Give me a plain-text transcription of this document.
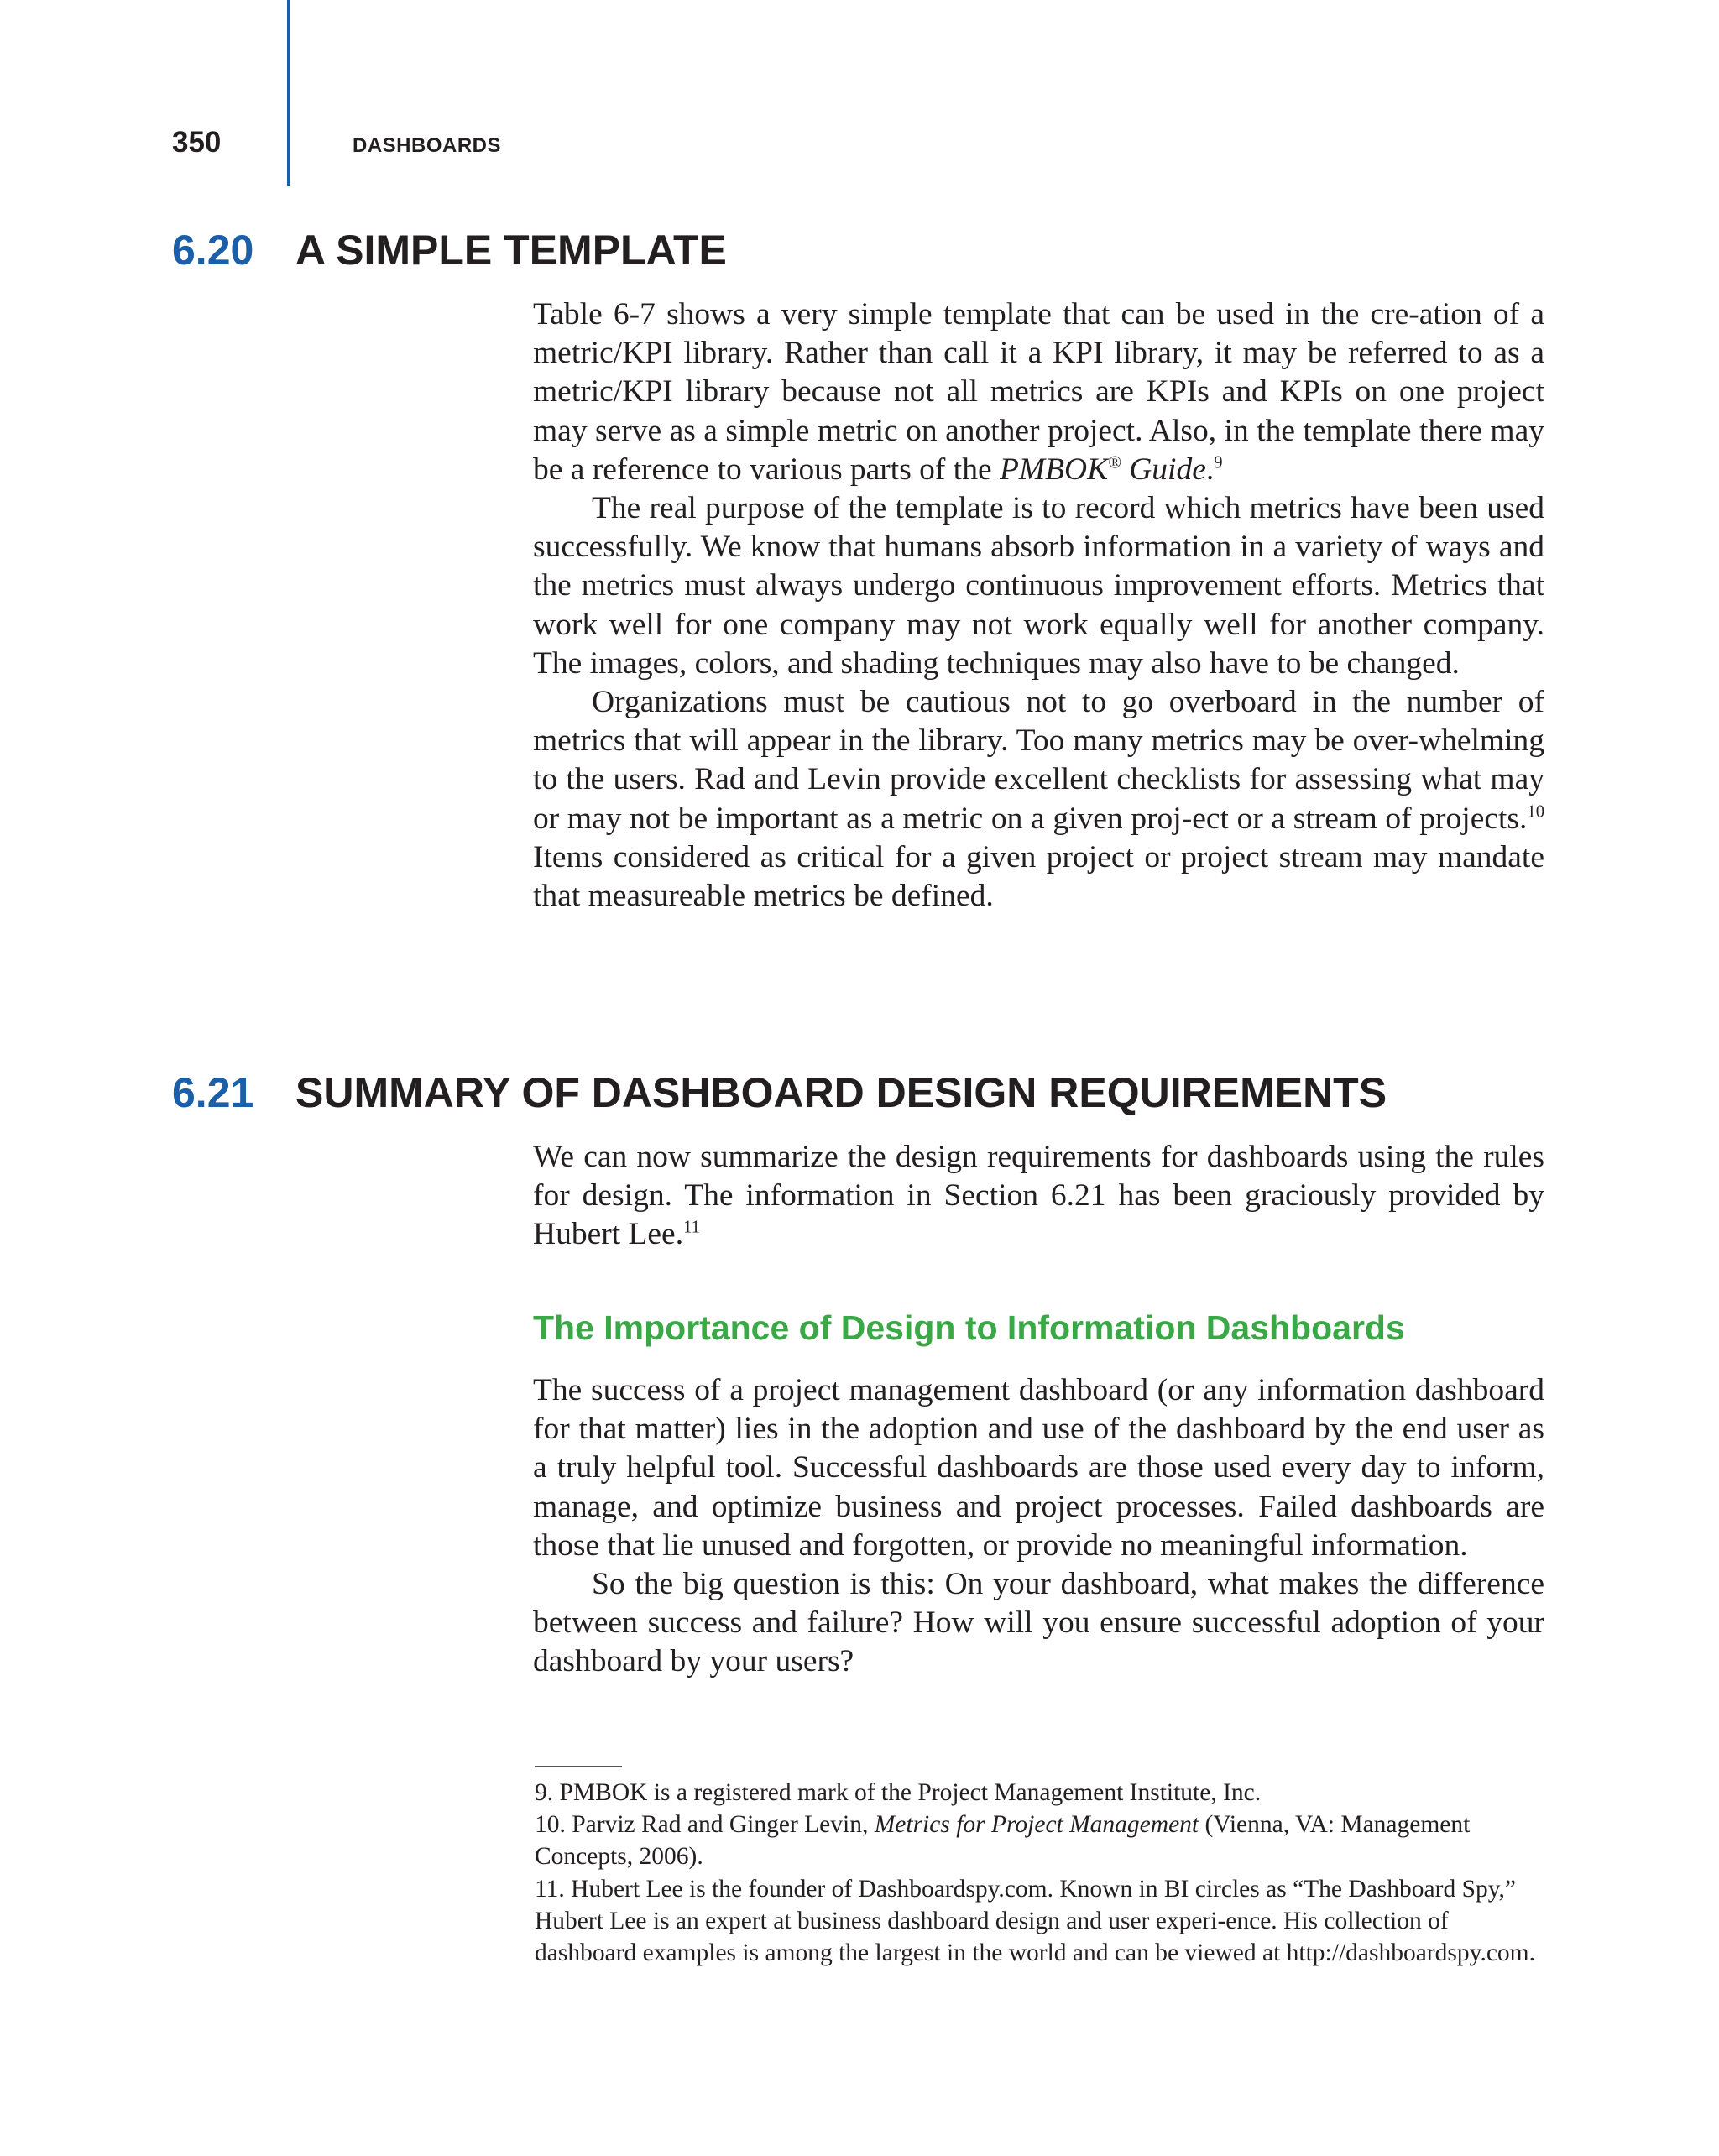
350	DASHBOARDS

6.20 A SIMPLE TEMPLATE

Table 6-7 shows a very simple template that can be used in the cre-ation of a metric/KPI library. Rather than call it a KPI library, it may be referred to as a metric/KPI library because not all metrics are KPIs and KPIs on one project may serve as a simple metric on another project. Also, in the template there may be a reference to various parts of the PMBOK® Guide.$^9$

The real purpose of the template is to record which metrics have been used successfully. We know that humans absorb information in a variety of ways and the metrics must always undergo continuous improvement efforts. Metrics that work well for one company may not work equally well for another company. The images, colors, and shading techniques may also have to be changed.

Organizations must be cautious not to go overboard in the number of metrics that will appear in the library. Too many metrics may be over-whelming to the users. Rad and Levin provide excellent checklists for assessing what may or may not be important as a metric on a given proj-ect or a stream of projects.$^{10}$ Items considered as critical for a given project or project stream may mandate that measureable metrics be defined.

6.21 SUMMARY OF DASHBOARD DESIGN REQUIREMENTS

We can now summarize the design requirements for dashboards using the rules for design. The information in Section 6.21 has been graciously provided by Hubert Lee.$^{11}$

The Importance of Design to Information Dashboards

The success of a project management dashboard (or any information dashboard for that matter) lies in the adoption and use of the dashboard by the end user as a truly helpful tool. Successful dashboards are those used every day to inform, manage, and optimize business and project processes. Failed dashboards are those that lie unused and forgotten, or provide no meaningful information.

So the big question is this: On your dashboard, what makes the difference between success and failure? How will you ensure successful adoption of your dashboard by your users?

9. PMBOK is a registered mark of the Project Management Institute, Inc.

10. Parviz Rad and Ginger Levin, Metrics for Project Management (Vienna, VA: Management Concepts, 2006).

11. Hubert Lee is the founder of Dashboardspy.com. Known in BI circles as “The Dashboard Spy,” Hubert Lee is an expert at business dashboard design and user experi-ence. His collection of dashboard examples is among the largest in the world and can be viewed at http://dashboardspy.com.
